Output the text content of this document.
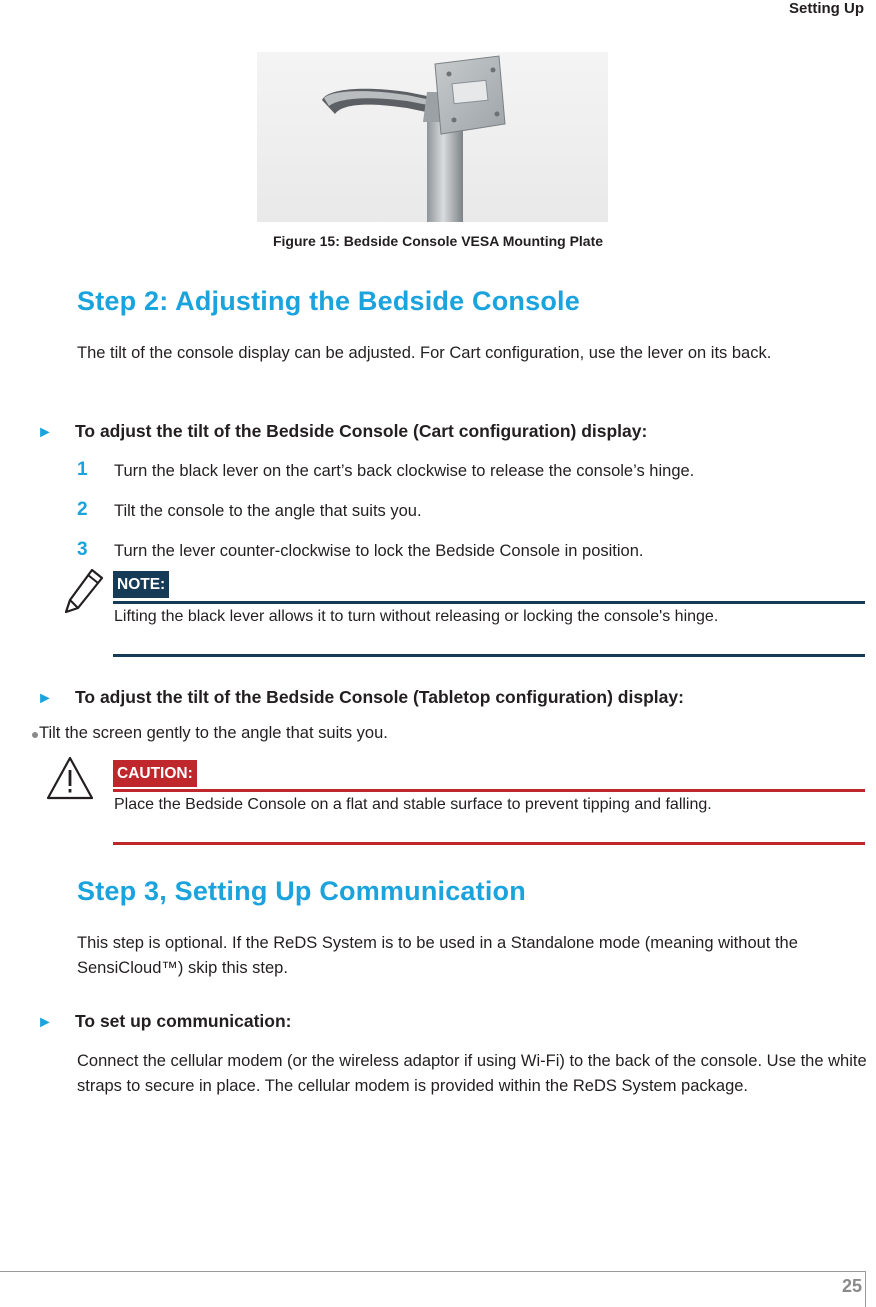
Setting Up
Figure 15: Bedside Console VESA Mounting Plate
Step 2: Adjusting the Bedside Console
The tilt of the console display can be adjusted. For Cart configuration, use the lever on its back.
► To adjust the tilt of the Bedside Console (Cart configuration) display:
1 Turn the black lever on the cart’s back clockwise to release the console’s hinge.
2 Tilt the console to the angle that suits you.
3 Turn the lever counter-clockwise to lock the Bedside Console in position.
NOTE:
Lifting the black lever allows it to turn without releasing or locking the console's hinge.
► To adjust the tilt of the Bedside Console (Tabletop configuration) display:
Tilt the screen gently to the angle that suits you.
CAUTION:
Place the Bedside Console on a flat and stable surface to prevent tipping and falling.
Step 3, Setting Up Communication
This step is optional. If the ReDS System is to be used in a Standalone mode (meaning without the SensiCloud™) skip this step.
► To set up communication:
Connect the cellular modem (or the wireless adaptor if using Wi-Fi) to the back of the console. Use the white straps to secure in place. The cellular modem is provided within the ReDS System package.
25
